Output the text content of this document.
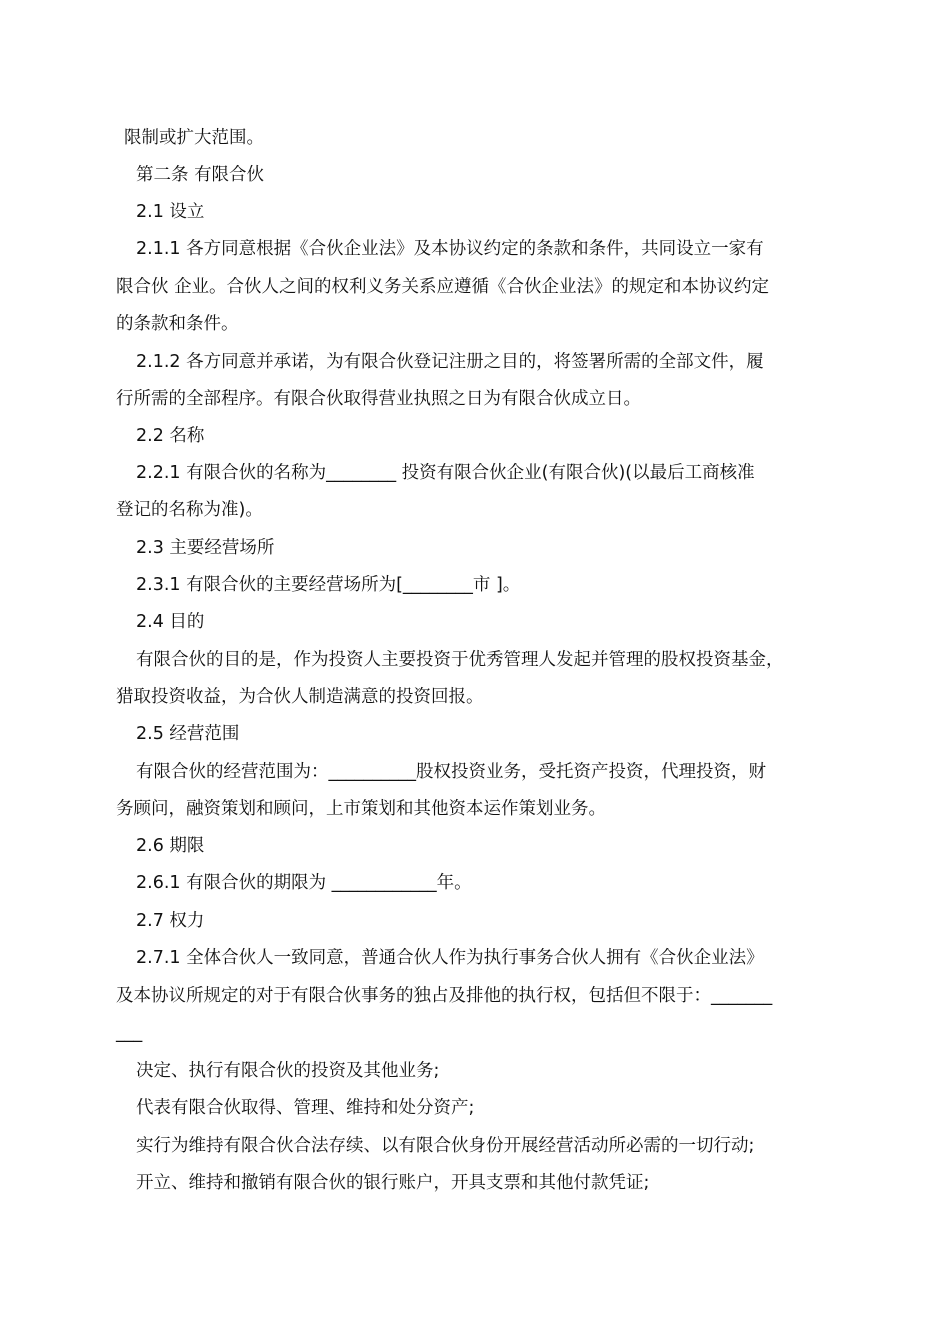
限制或扩大范围。
第二条 有限合伙
2.1 设立
2.1.1 各方同意根据《合伙企业法》及本协议约定的条款和条件，共同设立一家有
限合伙 企业。合伙人之间的权利义务关系应遵循《合伙企业法》的规定和本协议约定
的条款和条件。
2.1.2 各方同意并承诺，为有限合伙登记注册之目的，将签署所需的全部文件，履
行所需的全部程序。有限合伙取得营业执照之日为有限合伙成立日。
2.2 名称
2.2.1 有限合伙的名称为________ 投资有限合伙企业(有限合伙)(以最后工商核准
登记的名称为准)。
2.3 主要经营场所
2.3.1 有限合伙的主要经营场所为[________市 ]。
2.4 目的
有限合伙的目的是，作为投资人主要投资于优秀管理人发起并管理的股权投资基金，
猎取投资收益，为合伙人制造满意的投资回报。
2.5 经营范围
有限合伙的经营范围为：__________股权投资业务，受托资产投资，代理投资，财
务顾问，融资策划和顾问，上市策划和其他资本运作策划业务。
2.6 期限
2.6.1 有限合伙的期限为 ____________年。
2.7 权力
2.7.1 全体合伙人一致同意，普通合伙人作为执行事务合伙人拥有《合伙企业法》
及本协议所规定的对于有限合伙事务的独占及排他的执行权，包括但不限于：_______
___
决定、执行有限合伙的投资及其他业务;
代表有限合伙取得、管理、维持和处分资产;
实行为维持有限合伙合法存续、以有限合伙身份开展经营活动所必需的一切行动;
开立、维持和撤销有限合伙的银行账户，开具支票和其他付款凭证;
